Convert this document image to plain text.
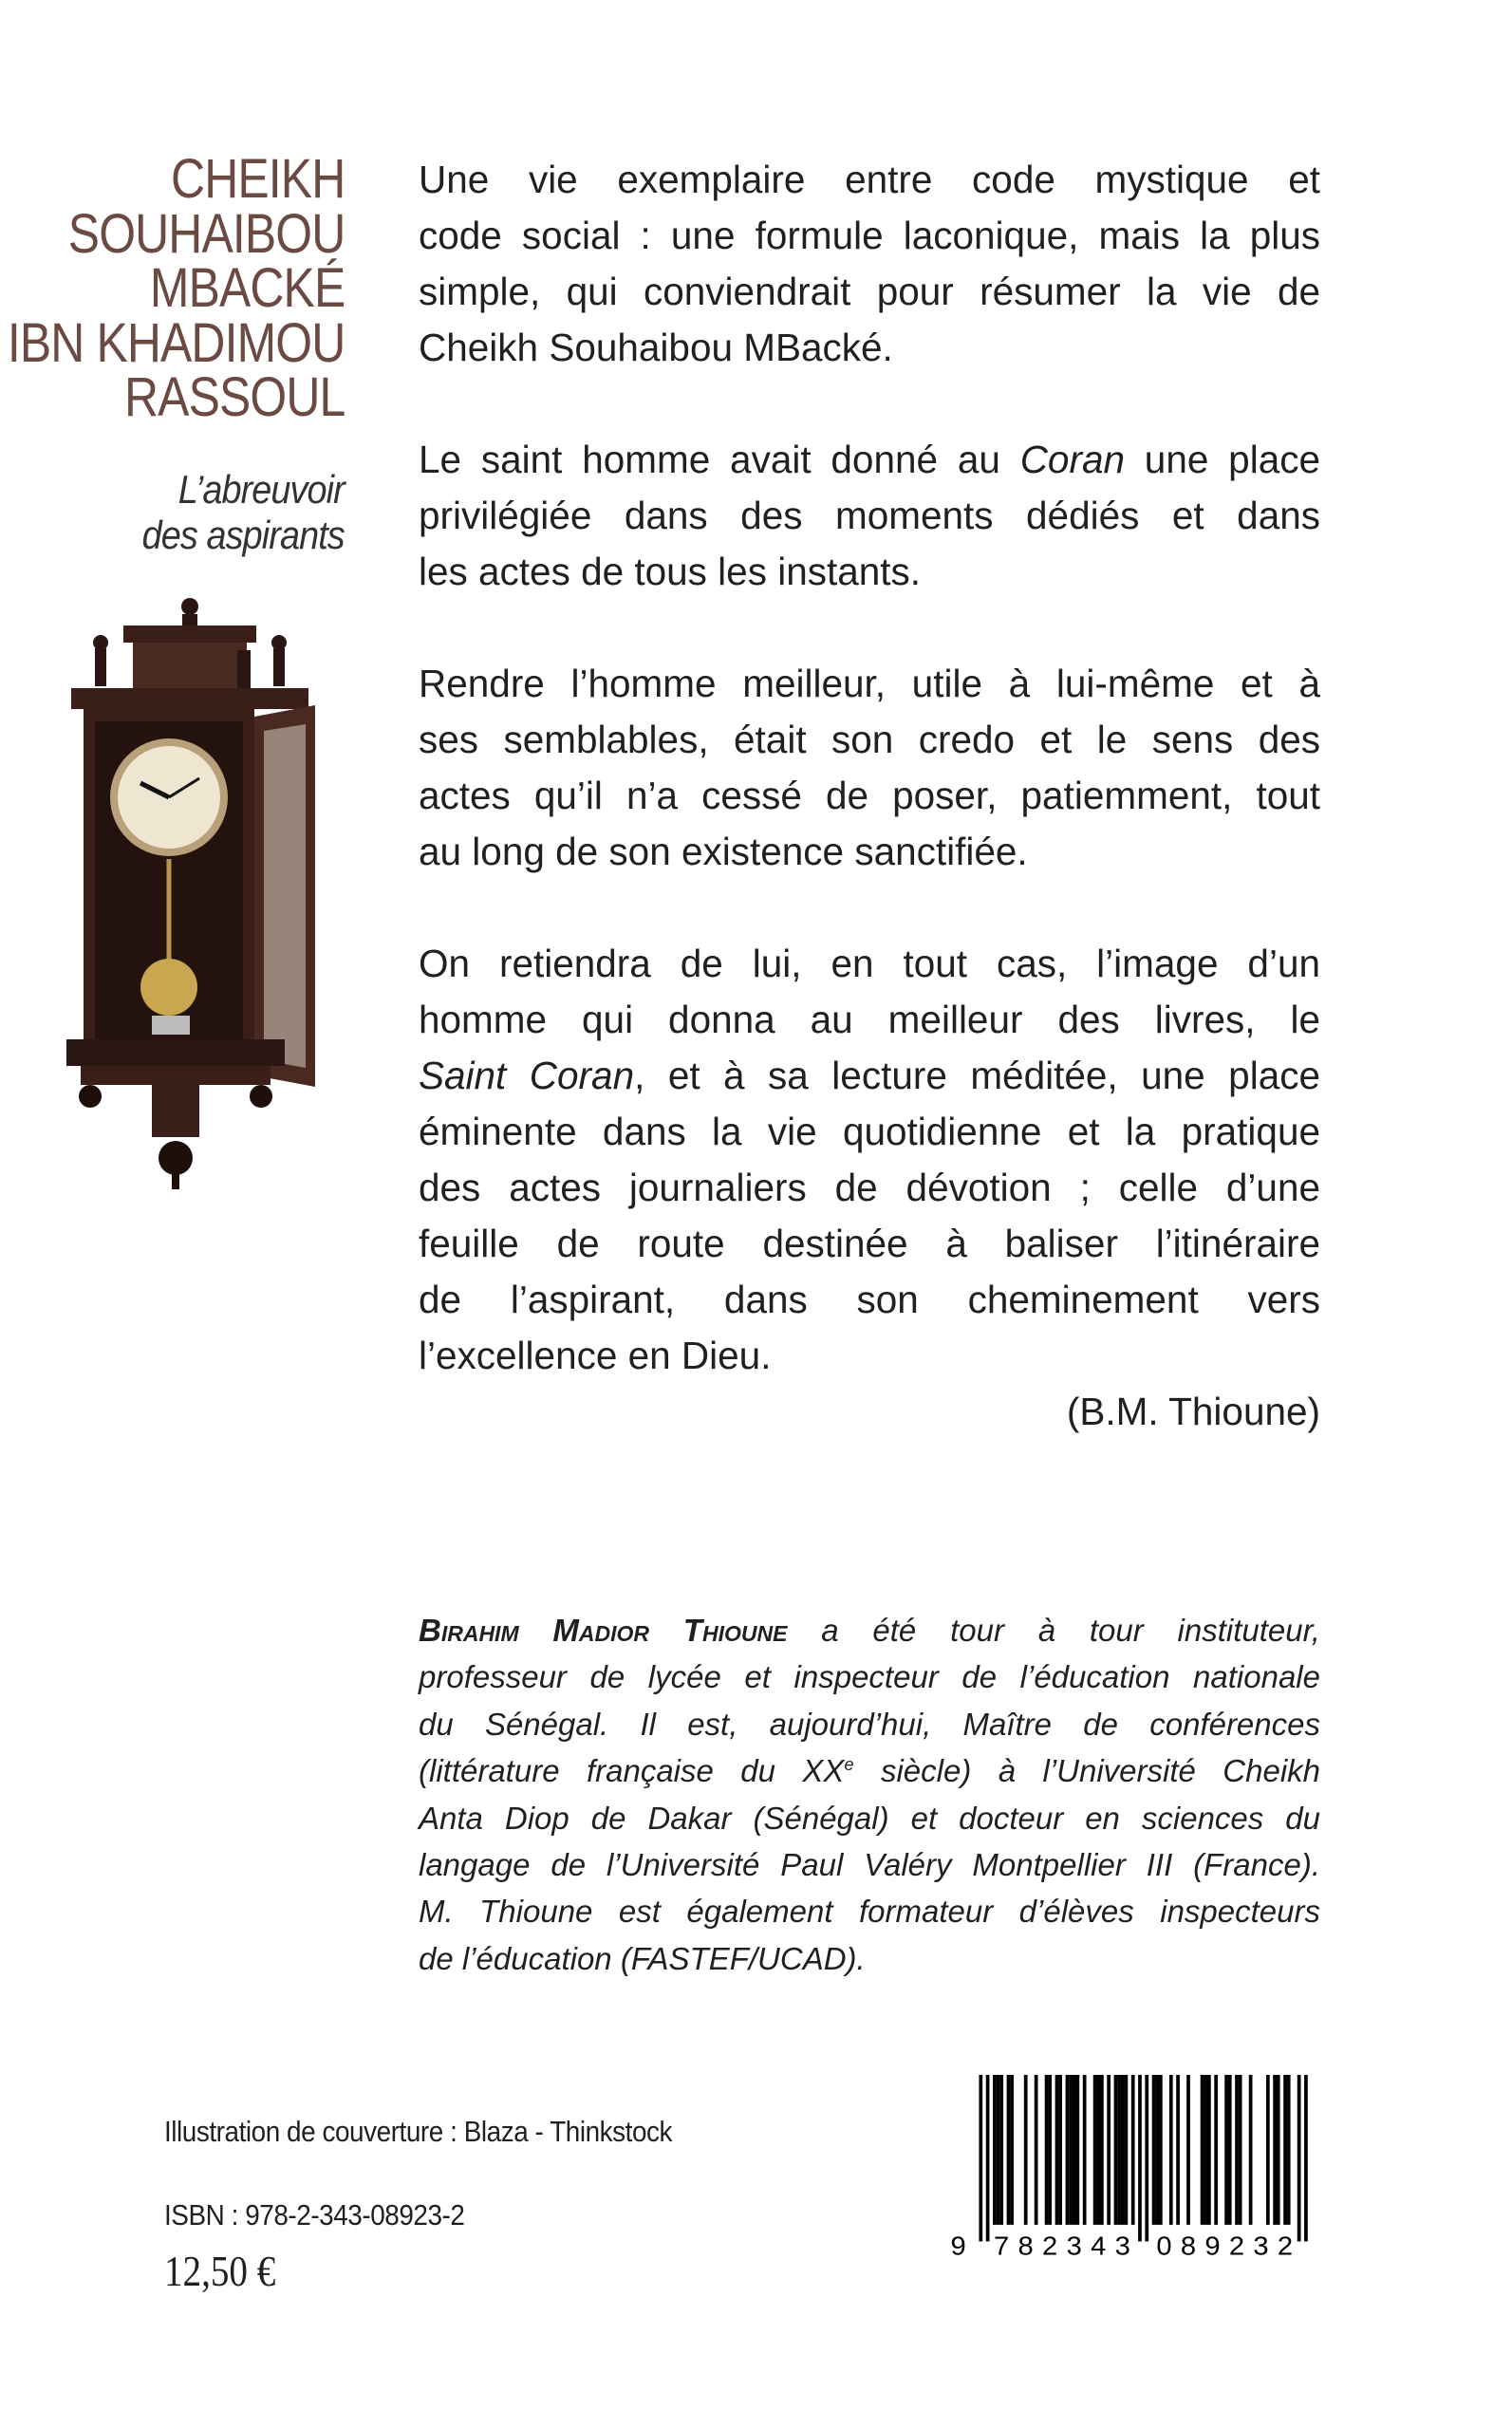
CHEIKH
SOUHAIBOU
MBACKÉ
IBN KHADIMOU
RASSOUL
L’abreuvoir
des aspirants
Une vie exemplaire entre code mystique et
code social : une formule laconique, mais la plus
simple, qui conviendrait pour résumer la vie de
Cheikh Souhaibou MBacké.
Le saint homme avait donné au Coran une place
privilégiée dans des moments dédiés et dans
les actes de tous les instants.
Rendre l’homme meilleur, utile à lui-même et à
ses semblables, était son credo et le sens des
actes qu’il n’a cessé de poser, patiemment, tout
au long de son existence sanctifiée.
On retiendra de lui, en tout cas, l’image d’un
homme qui donna au meilleur des livres, le
Saint Coran, et à sa lecture méditée, une place
éminente dans la vie quotidienne et la pratique
des actes journaliers de dévotion ; celle d’une
feuille de route destinée à baliser l’itinéraire
de l’aspirant, dans son cheminement vers
l’excellence en Dieu.
(B.M. Thioune)
Birahim Madior Thioune a été tour à tour instituteur,
professeur de lycée et inspecteur de l’éducation nationale
du Sénégal. Il est, aujourd’hui, Maître de conférences
(littérature française du XXe siècle) à l’Université Cheikh
Anta Diop de Dakar (Sénégal) et docteur en sciences du
langage de l’Université Paul Valéry Montpellier III (France).
M. Thioune est également formateur d’élèves inspecteurs
de l’éducation (FASTEF/UCAD).
Illustration de couverture : Blaza - Thinkstock
ISBN : 978-2-343-08923-2
12,50 €
9	7 8 2 3 4 3	0 8 9 2 3 2
